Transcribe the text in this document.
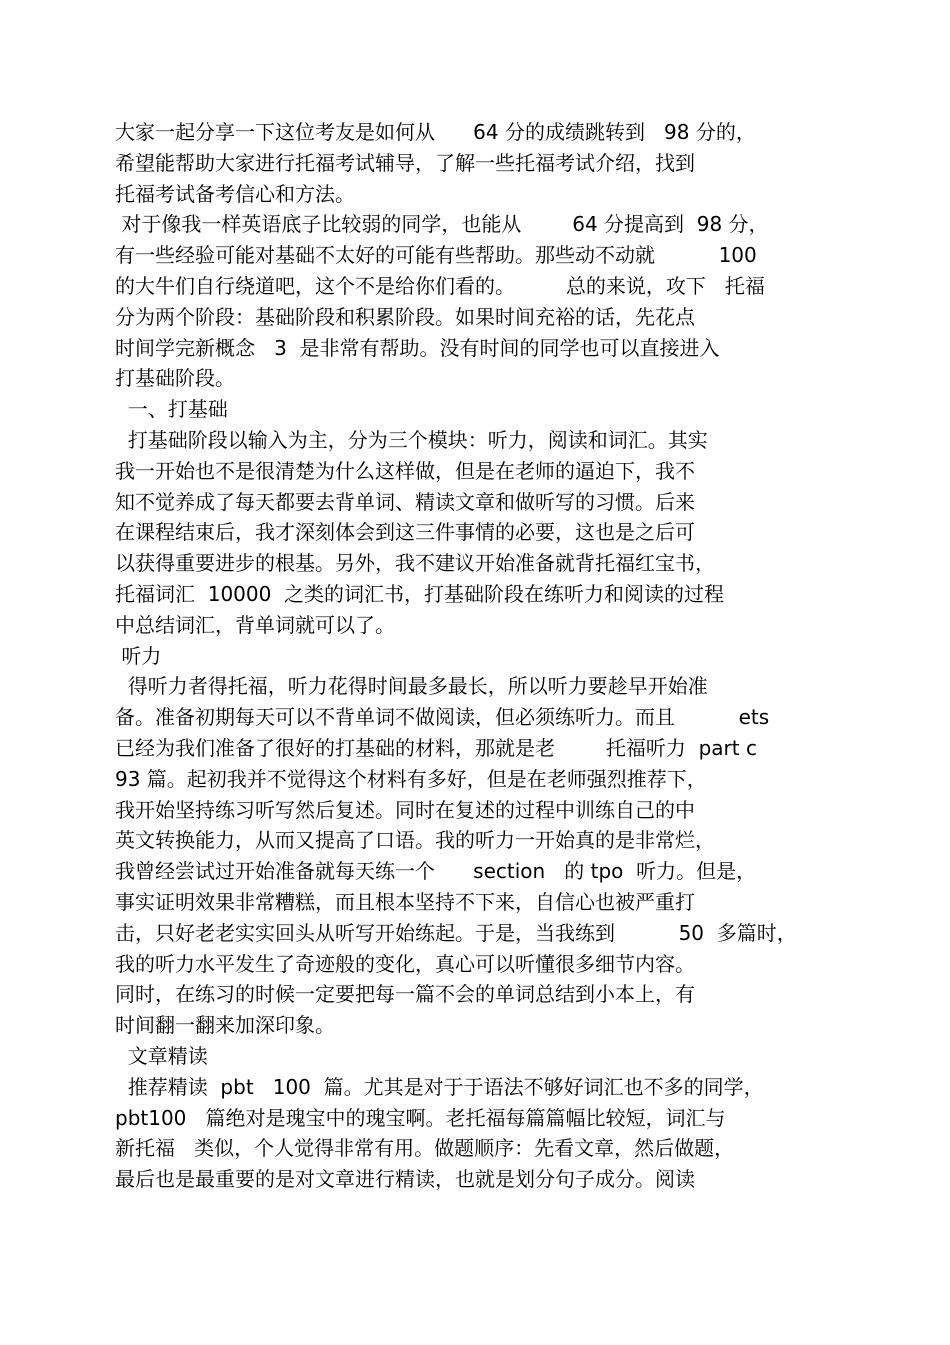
大家一起分享一下这位考友是如何从      64 分的成绩跳转到   98 分的，
希望能帮助大家进行托福考试辅导，了解一些托福考试介绍，找到
托福考试备考信心和方法。
对于像我一样英语底子比较弱的同学，也能从        64 分提高到  98 分，
有一些经验可能对基础不太好的可能有些帮助。那些动不动就          100
的大牛们自行绕道吧，这个不是给你们看的。        总的来说，攻下   托福
分为两个阶段：基础阶段和积累阶段。如果时间充裕的话，先花点
时间学完新概念   3  是非常有帮助。没有时间的同学也可以直接进入
打基础阶段。
一、打基础
打基础阶段以输入为主，分为三个模块：听力，阅读和词汇。其实
我一开始也不是很清楚为什么这样做，但是在老师的逼迫下，我不
知不觉养成了每天都要去背单词、精读文章和做听写的习惯。后来
在课程结束后，我才深刻体会到这三件事情的必要，这也是之后可
以获得重要进步的根基。另外，我不建议开始准备就背托福红宝书，
托福词汇  10000  之类的词汇书，打基础阶段在练听力和阅读的过程
中总结词汇，背单词就可以了。
听力
得听力者得托福，听力花得时间最多最长，所以听力要趁早开始准
备。准备初期每天可以不背单词不做阅读，但必须练听力。而且          ets
已经为我们准备了很好的打基础的材料，那就是老        托福听力  part c
93 篇。起初我并不觉得这个材料有多好，但是在老师强烈推荐下，
我开始坚持练习听写然后复述。同时在复述的过程中训练自己的中
英文转换能力，从而又提高了口语。我的听力一开始真的是非常烂，
我曾经尝试过开始准备就每天练一个      section   的 tpo  听力。但是，
事实证明效果非常糟糕，而且根本坚持不下来，自信心也被严重打
击，只好老老实实回头从听写开始练起。于是，当我练到          50  多篇时，
我的听力水平发生了奇迹般的变化，真心可以听懂很多细节内容。
同时，在练习的时候一定要把每一篇不会的单词总结到小本上，有
时间翻一翻来加深印象。
文章精读
推荐精读  pbt   100  篇。尤其是对于于语法不够好词汇也不多的同学，
pbt100   篇绝对是瑰宝中的瑰宝啊。老托福每篇篇幅比较短，词汇与
新托福   类似，个人觉得非常有用。做题顺序：先看文章，然后做题，
最后也是最重要的是对文章进行精读，也就是划分句子成分。阅读
